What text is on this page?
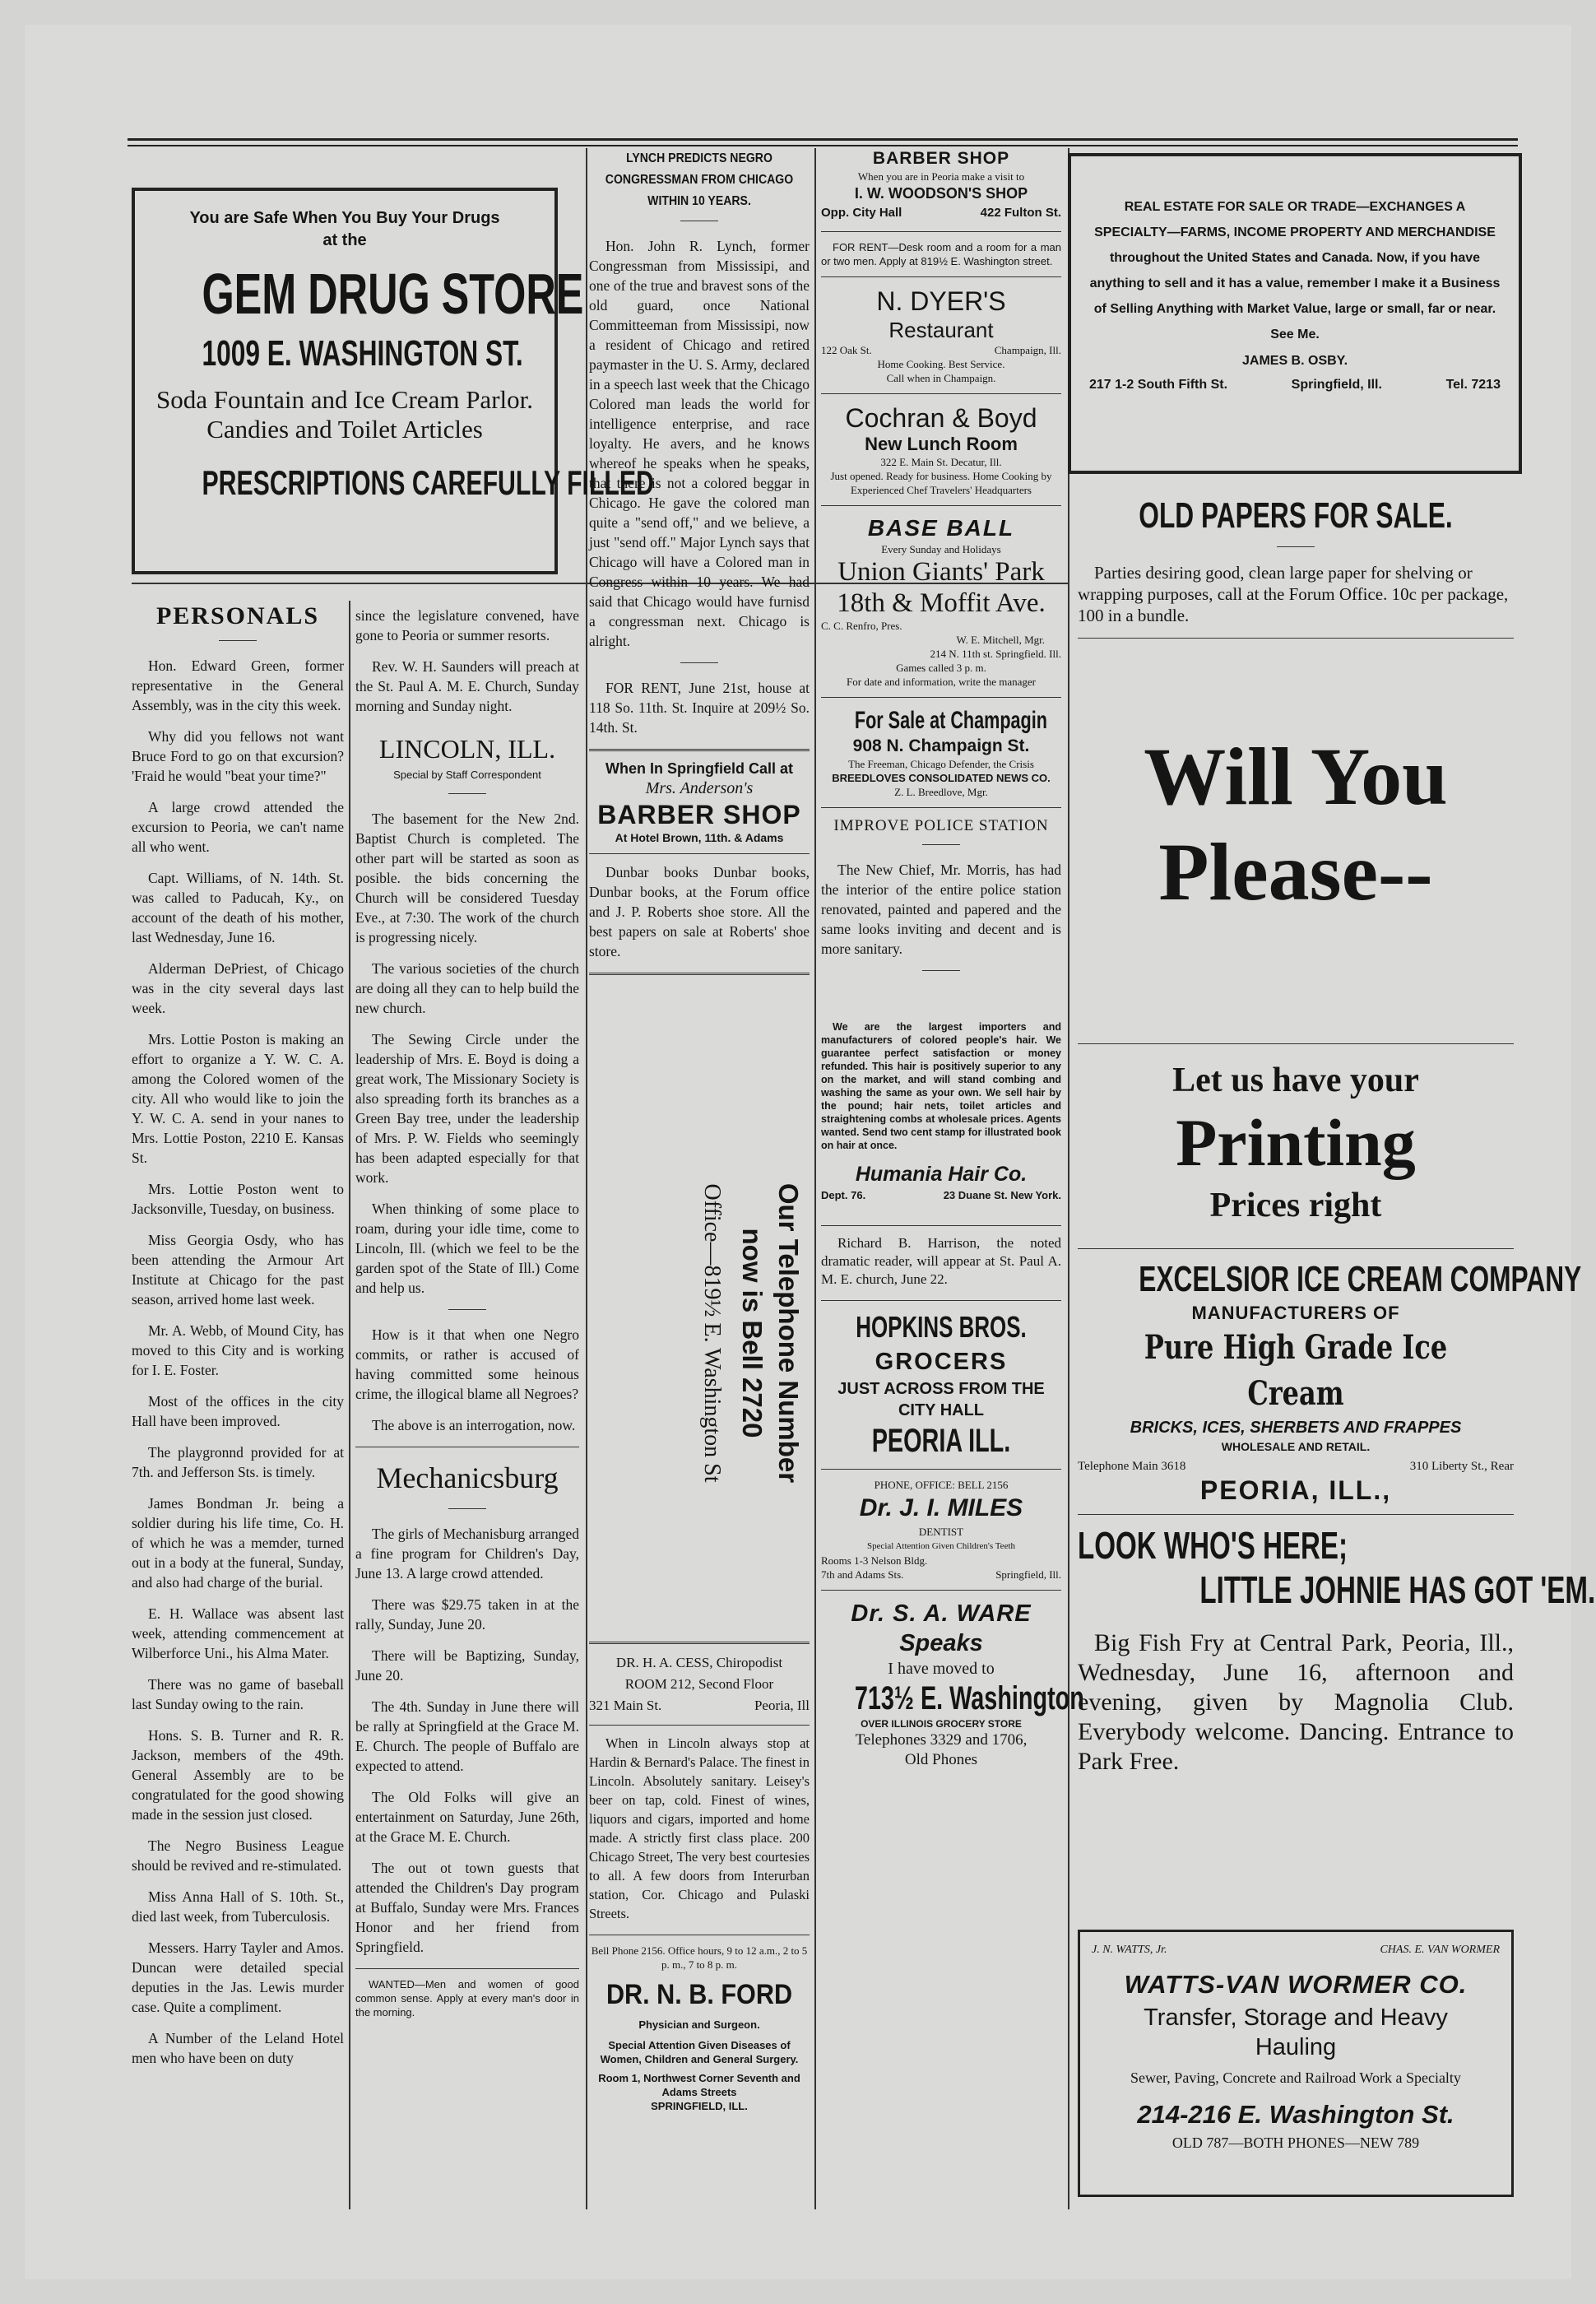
You are Safe When You Buy Your Drugs
at the
GEM DRUG STORE
1009 E. WASHINGTON ST.
Soda Fountain and Ice Cream Parlor. Candies and Toilet Articles
PRESCRIPTIONS CAREFULLY FILLED
PERSONALS

Hon. Edward Green, former representative in the General Assembly, was in the city this week.

Why did you fellows not want Bruce Ford to go on that excursion? 'Fraid he would "beat your time?"

A large crowd attended the excursion to Peoria, we can't name all who went.

Capt. Williams, of N. 14th. St. was called to Paducah, Ky., on account of the death of his mother, last Wednesday, June 16.

Alderman DePriest, of Chicago was in the city several days last week.

Mrs. Lottie Poston is making an effort to organize a Y. W. C. A. among the Colored women of the city. All who would like to join the Y. W. C. A. send in your nanes to Mrs. Lottie Poston, 2210 E. Kansas St.

Mrs. Lottie Poston went to Jacksonville, Tuesday, on business.

Miss Georgia Osdy, who has been attending the Armour Art Institute at Chicago for the past season, arrived home last week.

Mr. A. Webb, of Mound City, has moved to this City and is working for I. E. Foster.

Most of the offices in the city Hall have been improved.

The playgronnd provided for at 7th. and Jefferson Sts. is timely.

James Bondman Jr. being a soldier during his life time, Co. H. of which he was a memder, turned out in a body at the funeral, Sunday, and also had charge of the burial.

E. H. Wallace was absent last week, attending commencement at Wilberforce Uni., his Alma Mater.

There was no game of baseball last Sunday owing to the rain.

Hons. S. B. Turner and R. R. Jackson, members of the 49th. General Assembly are to be congratulated for the good showing made in the session just closed.

The Negro Business League should be revived and re-stimulated.

Miss Anna Hall of S. 10th. St., died last week, from Tuberculosis.

Messers. Harry Tayler and Amos. Duncan were detailed special deputies in the Jas. Lewis murder case. Quite a compliment.

A Number of the Leland Hotel men who have been on duty

since the legislature convened, have gone to Peoria or summer resorts.

Rev. W. H. Saunders will preach at the St. Paul A. M. E. Church, Sunday morning and Sunday night.

LINCOLN, ILL.
Special by Staff Correspondent

The basement for the New 2nd. Baptist Church is completed. The other part will be started as soon as posible. the bids concerning the Church will be considered Tuesday Eve., at 7:30. The work of the church is progressing nicely.

The various societies of the church are doing all they can to help build the new church.

The Sewing Circle under the leadership of Mrs. E. Boyd is doing a great work, The Missionary Society is also spreading forth its branches as a Green Bay tree, under the leadership of Mrs. P. W. Fields who seemingly has been adapted especially for that work.

When thinking of some place to roam, during your idle time, come to Lincoln, Ill. (which we feel to be the garden spot of the State of Ill.) Come and help us.

How is it that when one Negro commits, or rather is accused of having committed some heinous crime, the illogical blame all Negroes?

The above is an interrogation, now.

Mechanicsburg

The girls of Mechanisburg arranged a fine program for Children's Day, June 13. A large crowd attended.

There was $29.75 taken in at the rally, Sunday, June 20.

There will be Baptizing, Sunday, June 20.

The 4th. Sunday in June there will be rally at Springfield at the Grace M. E. Church. The people of Buffalo are expected to attend.

The Old Folks will give an entertainment on Saturday, June 26th, at the Grace M. E. Church.

The out ot town guests that attended the Children's Day program at Buffalo, Sunday were Mrs. Frances Honor and her friend from Springfield.

WANTED—Men and women of good common sense. Apply at every man's door in the morning.
LYNCH PREDICTS NEGRO CONGRESSMAN FROM CHICAGO WITHIN 10 YEARS.

Hon. John R. Lynch, former Congressman from Mississipi, and one of the true and bravest sons of the old guard, once National Committeeman from Mississipi, now a resident of Chicago and retired paymaster in the U. S. Army, declared in a speech last week that the Chicago Colored man leads the world for intelligence enterprise, and race loyalty. He avers, and he knows whereof he speaks when he speaks, that there is not a colored beggar in Chicago. He gave the colored man quite a "send off," and we believe, a just "send off." Major Lynch says that Chicago will have a Colored man in Congress within 10 years. We had said that Chicago would have furnisd a congressman next. Chicago is alright.

FOR RENT, June 21st, house at 118 So. 11th. St. Inquire at 209½ So. 14th. St.

When In Springfield Call at
Mrs. Anderson's
BARBER SHOP
At Hotel Brown, 11th. & Adams

Dunbar books Dunbar books, Dunbar books, at the Forum office and J. P. Roberts shoe store. All the best papers on sale at Roberts' shoe store.

Our Telephone Number
now is Bell 2720
Office—819½ E. Washington St
DR. H. A. CESS, Chiropodist
ROOM 212, Second Floor
321 Main St.	Peoria, Ill

When in Lincoln always stop at Hardin & Bernard's Palace. The finest in Lincoln. Absolutely sanitary. Leisey's beer on tap, cold. Finest of wines, liquors and cigars, imported and home made. A strictly first class place. 200 Chicago Street, The very best courtesies to all. A few doors from Interurban station, Cor. Chicago and Pulaski Streets.

Bell Phone 2156. Office hours, 9 to 12 a.m., 2 to 5 p. m., 7 to 8 p. m.
DR. N. B. FORD
Physician and Surgeon.
Special Attention Given Diseases of Women, Children and General Surgery.
Room 1, Northwest Corner Seventh and Adams Streets
SPRINGFIELD, ILL.
BARBER SHOP
When you are in Peoria make a visit to
I. W. WOODSON'S SHOP
Opp. City Hall	422 Fulton St.
FOR RENT—Desk room and a room for a man or two men. Apply at 819½ E. Washington street.
N. DYER'S
Restaurant
122 Oak St.	Champaign, Ill.
Home Cooking. Best Service.
Call when in Champaign.
Cochran & Boyd
New Lunch Room
322 E. Main St. Decatur, Ill.
Just opened. Ready for business. Home Cooking by Experienced Chef Travelers' Headquarters
BASE BALL
Every Sunday and Holidays
Union Giants' Park
18th & Moffit Ave.
C. C. Renfro, Pres.
W. E. Mitchell, Mgr.
214 N. 11th st. Springfield. Ill.
Games called 3 p. m.
For date and information, write the manager
For Sale at Champagin
908 N. Champaign St.
The Freeman, Chicago Defender, the Crisis
BREEDLOVES CONSOLIDATED NEWS CO.
Z. L. Breedlove, Mgr.
IMPROVE POLICE STATION

The New Chief, Mr. Morris, has had the interior of the entire police station renovated, painted and papered and the same looks inviting and decent and is more sanitary.

We are the largest importers and manufacturers of colored people's hair. We guarantee perfect satisfaction or money refunded. This hair is positively superior to any on the market, and will stand combing and washing the same as your own. We sell hair by the pound; hair nets, toilet articles and straightening combs at wholesale prices. Agents wanted. Send two cent stamp for illustrated book on hair at once.
Humania Hair Co.
Dept. 76.	23 Duane St. New York.

Richard B. Harrison, the noted dramatic reader, will appear at St. Paul A. M. E. church, June 22.

HOPKINS BROS.
GROCERS
JUST ACROSS FROM THE CITY HALL
PEORIA ILL.
PHONE, OFFICE: BELL 2156
Dr. J. I. MILES
DENTIST
Special Attention Given Children's Teeth
Rooms 1-3 Nelson Bldg.
7th and Adams Sts.	Springfield, Ill.
Dr. S. A. WARE
Speaks
I have moved to
713½ E. Washington
OVER ILLINOIS GROCERY STORE
Telephones 3329 and 1706,
Old Phones
REAL ESTATE FOR SALE OR TRADE—EXCHANGES A SPECIALTY—FARMS, INCOME PROPERTY AND MERCHANDISE throughout the United States and Canada. Now, if you have anything to sell and it has a value, remember I make it a Business of Selling Anything with Market Value, large or small, far or near. See Me.
JAMES B. OSBY.
217 1-2 South Fifth St.	Springfield, Ill.	Tel. 7213
OLD PAPERS FOR SALE.

Parties desiring good, clean large paper for shelving or wrapping purposes, call at the Forum Office. 10c per package, 100 in a bundle.

Will You
Please--
Let us have your
Printing
Prices right
EXCELSIOR ICE CREAM COMPANY
MANUFACTURERS OF
Pure High Grade Ice Cream
BRICKS, ICES, SHERBETS AND FRAPPES
WHOLESALE AND RETAIL.
Telephone Main 3618	310 Liberty St., Rear
PEORIA, ILL.,
LOOK WHO'S HERE;
LITTLE JOHNIE HAS GOT 'EM.

Big Fish Fry at Central Park, Peoria, Ill., Wednesday, June 16, afternoon and evening, given by Magnolia Club. Everybody welcome. Dancing. Entrance to Park Free.

J. N. WATTS, Jr.	CHAS. E. VAN WORMER
WATTS-VAN WORMER CO.
Transfer, Storage and Heavy
Hauling
Sewer, Paving, Concrete and Railroad Work a Specialty
214-216 E. Washington St.
OLD 787—BOTH PHONES—NEW 789
